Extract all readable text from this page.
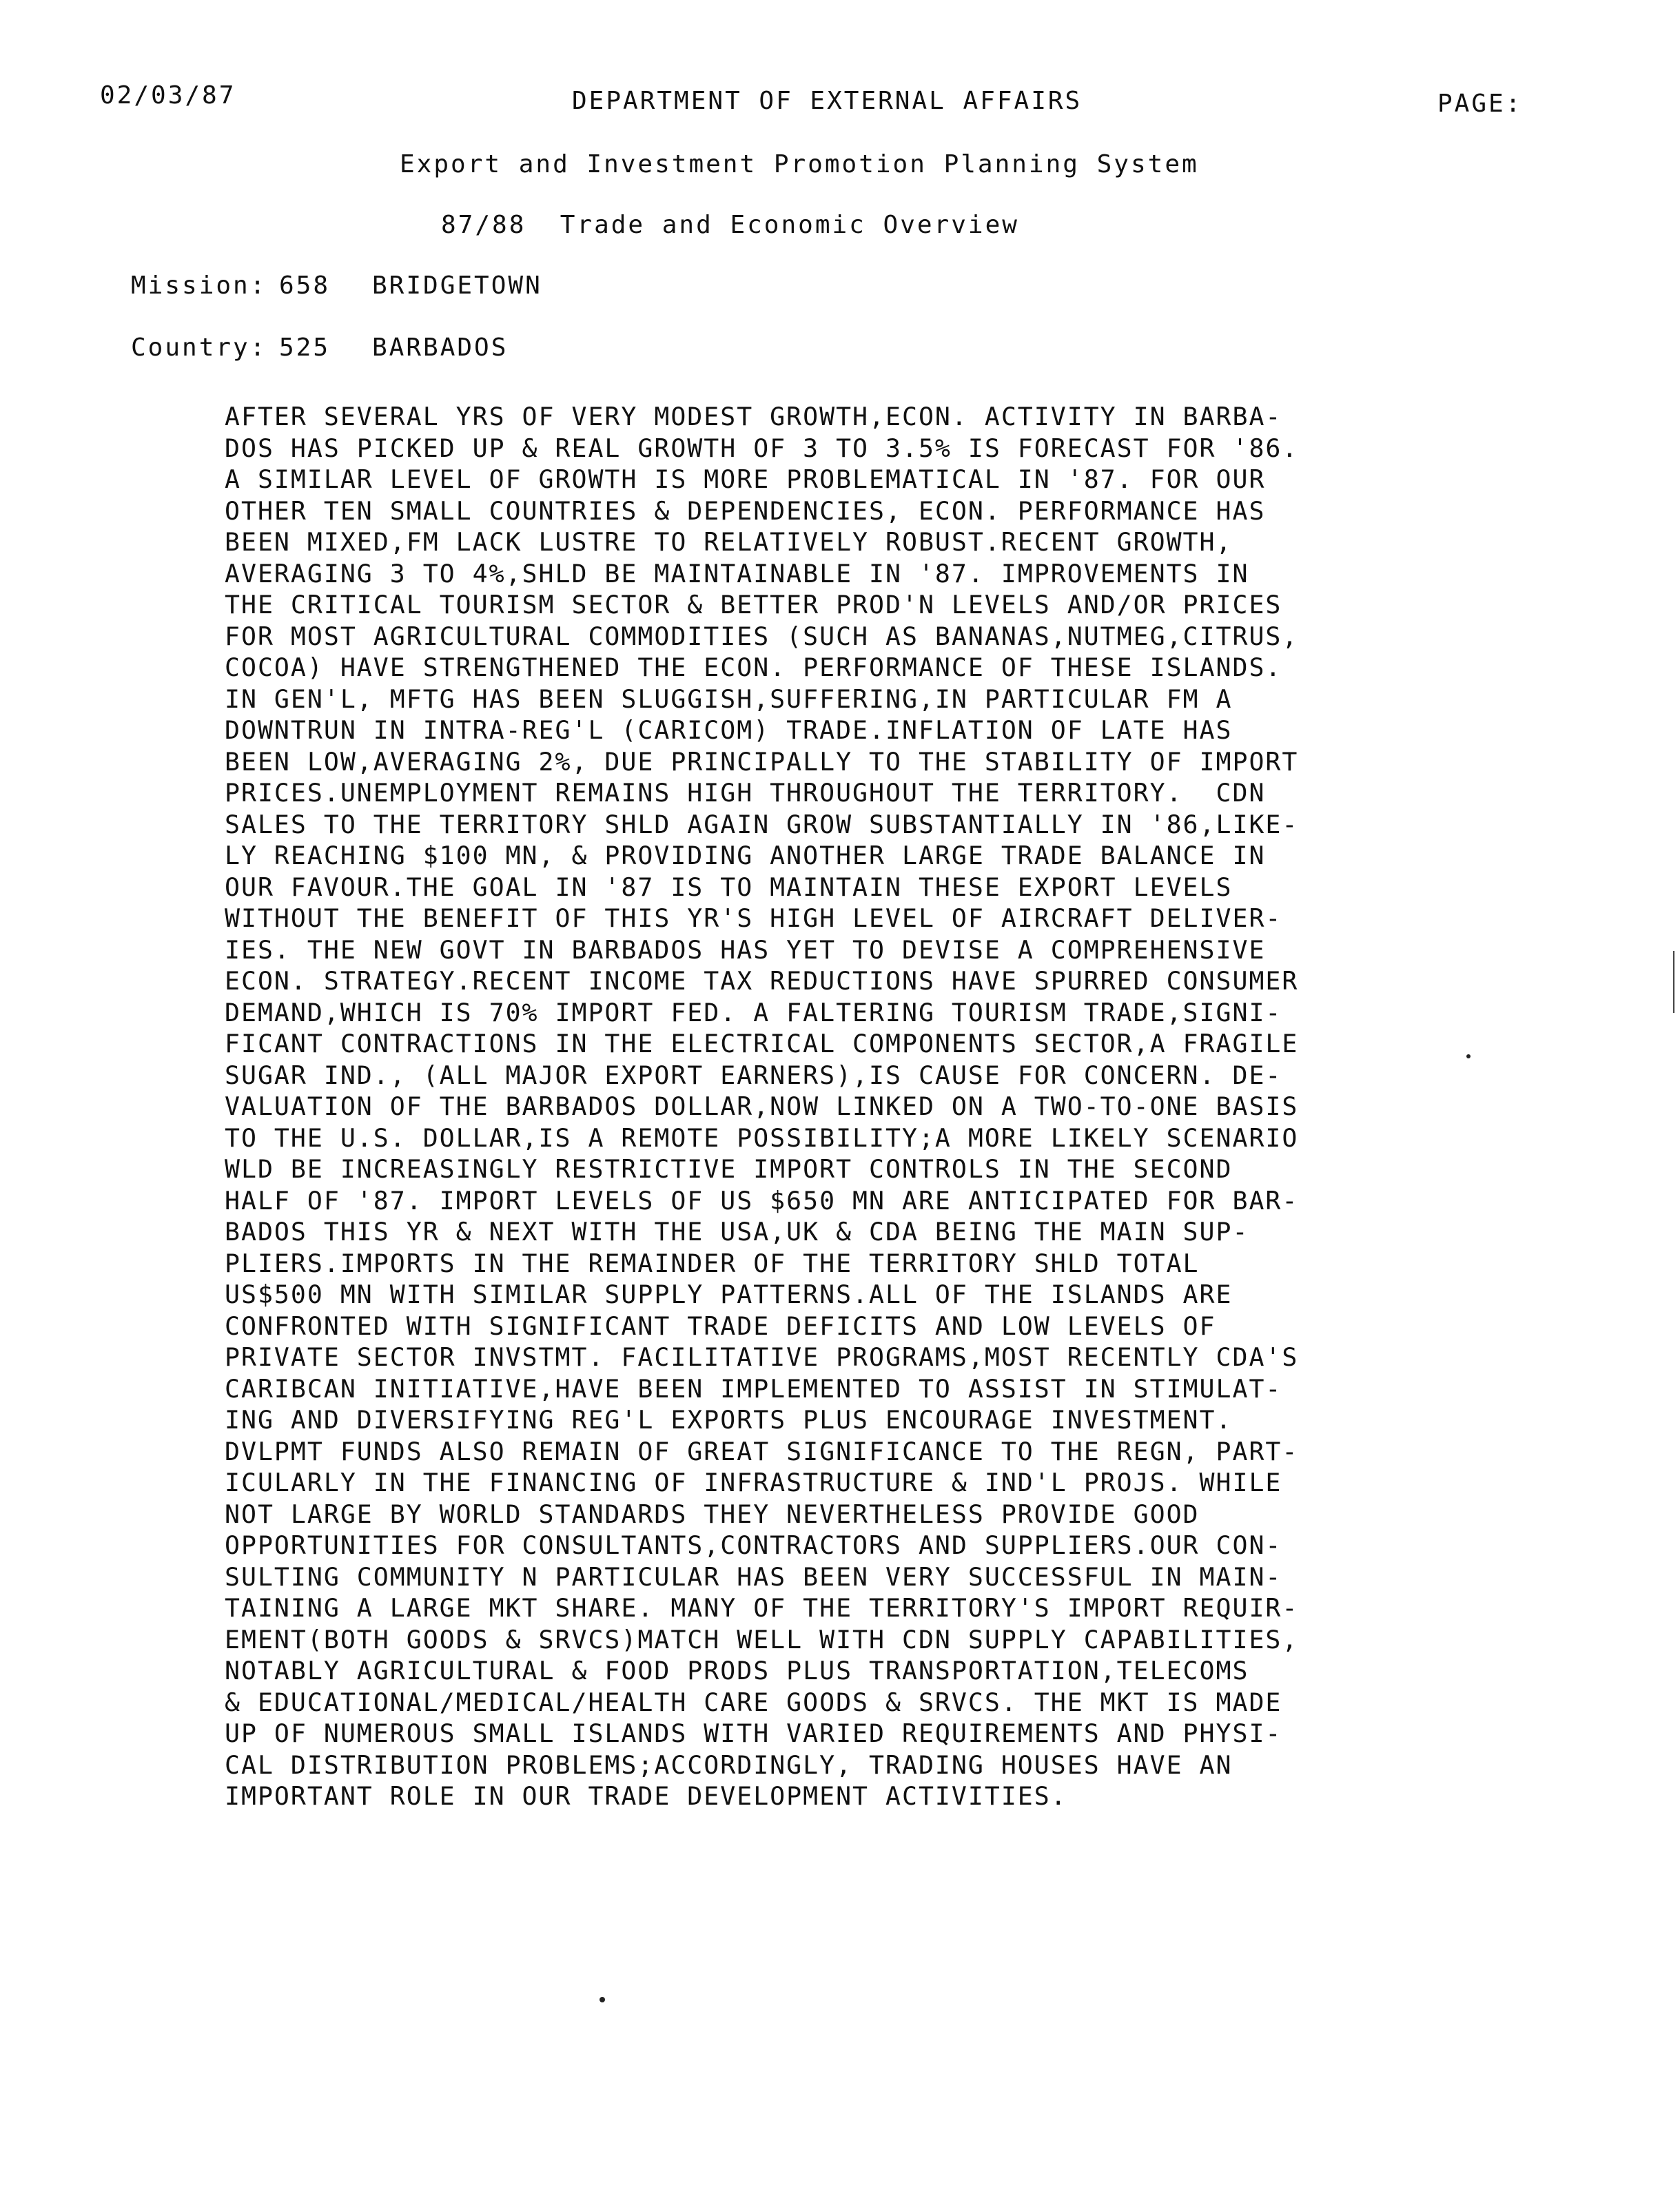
02/03/87	DEPARTMENT OF EXTERNAL AFFAIRS	PAGE:
Export and Investment Promotion Planning System
87/88  Trade and Economic Overview
Mission: 658 BRIDGETOWN
Country: 525 BARBADOS
AFTER SEVERAL YRS OF VERY MODEST GROWTH,ECON. ACTIVITY IN BARBA-
DOS HAS PICKED UP & REAL GROWTH OF 3 TO 3.5% IS FORECAST FOR '86.
A SIMILAR LEVEL OF GROWTH IS MORE PROBLEMATICAL IN '87. FOR OUR
OTHER TEN SMALL COUNTRIES & DEPENDENCIES, ECON. PERFORMANCE HAS
BEEN MIXED,FM LACK LUSTRE TO RELATIVELY ROBUST.RECENT GROWTH,
AVERAGING 3 TO 4%,SHLD BE MAINTAINABLE IN '87. IMPROVEMENTS IN
THE CRITICAL TOURISM SECTOR & BETTER PROD'N LEVELS AND/OR PRICES
FOR MOST AGRICULTURAL COMMODITIES (SUCH AS BANANAS,NUTMEG,CITRUS,
COCOA) HAVE STRENGTHENED THE ECON. PERFORMANCE OF THESE ISLANDS.
IN GEN'L, MFTG HAS BEEN SLUGGISH,SUFFERING,IN PARTICULAR FM A
DOWNTRUN IN INTRA-REG'L (CARICOM) TRADE.INFLATION OF LATE HAS
BEEN LOW,AVERAGING 2%, DUE PRINCIPALLY TO THE STABILITY OF IMPORT
PRICES.UNEMPLOYMENT REMAINS HIGH THROUGHOUT THE TERRITORY.  CDN
SALES TO THE TERRITORY SHLD AGAIN GROW SUBSTANTIALLY IN '86,LIKE-
LY REACHING $100 MN, & PROVIDING ANOTHER LARGE TRADE BALANCE IN
OUR FAVOUR.THE GOAL IN '87 IS TO MAINTAIN THESE EXPORT LEVELS
WITHOUT THE BENEFIT OF THIS YR'S HIGH LEVEL OF AIRCRAFT DELIVER-
IES. THE NEW GOVT IN BARBADOS HAS YET TO DEVISE A COMPREHENSIVE
ECON. STRATEGY.RECENT INCOME TAX REDUCTIONS HAVE SPURRED CONSUMER
DEMAND,WHICH IS 70% IMPORT FED. A FALTERING TOURISM TRADE,SIGNI-
FICANT CONTRACTIONS IN THE ELECTRICAL COMPONENTS SECTOR,A FRAGILE
SUGAR IND., (ALL MAJOR EXPORT EARNERS),IS CAUSE FOR CONCERN. DE-
VALUATION OF THE BARBADOS DOLLAR,NOW LINKED ON A TWO-TO-ONE BASIS
TO THE U.S. DOLLAR,IS A REMOTE POSSIBILITY;A MORE LIKELY SCENARIO
WLD BE INCREASINGLY RESTRICTIVE IMPORT CONTROLS IN THE SECOND
HALF OF '87. IMPORT LEVELS OF US $650 MN ARE ANTICIPATED FOR BAR-
BADOS THIS YR & NEXT WITH THE USA,UK & CDA BEING THE MAIN SUP-
PLIERS.IMPORTS IN THE REMAINDER OF THE TERRITORY SHLD TOTAL
US$500 MN WITH SIMILAR SUPPLY PATTERNS.ALL OF THE ISLANDS ARE
CONFRONTED WITH SIGNIFICANT TRADE DEFICITS AND LOW LEVELS OF
PRIVATE SECTOR INVSTMT. FACILITATIVE PROGRAMS,MOST RECENTLY CDA'S
CARIBCAN INITIATIVE,HAVE BEEN IMPLEMENTED TO ASSIST IN STIMULAT-
ING AND DIVERSIFYING REG'L EXPORTS PLUS ENCOURAGE INVESTMENT.
DVLPMT FUNDS ALSO REMAIN OF GREAT SIGNIFICANCE TO THE REGN, PART-
ICULARLY IN THE FINANCING OF INFRASTRUCTURE & IND'L PROJS. WHILE
NOT LARGE BY WORLD STANDARDS THEY NEVERTHELESS PROVIDE GOOD
OPPORTUNITIES FOR CONSULTANTS,CONTRACTORS AND SUPPLIERS.OUR CON-
SULTING COMMUNITY N PARTICULAR HAS BEEN VERY SUCCESSFUL IN MAIN-
TAINING A LARGE MKT SHARE. MANY OF THE TERRITORY'S IMPORT REQUIR-
EMENT(BOTH GOODS & SRVCS)MATCH WELL WITH CDN SUPPLY CAPABILITIES,
NOTABLY AGRICULTURAL & FOOD PRODS PLUS TRANSPORTATION,TELECOMS
& EDUCATIONAL/MEDICAL/HEALTH CARE GOODS & SRVCS. THE MKT IS MADE
UP OF NUMEROUS SMALL ISLANDS WITH VARIED REQUIREMENTS AND PHYSI-
CAL DISTRIBUTION PROBLEMS;ACCORDINGLY, TRADING HOUSES HAVE AN
IMPORTANT ROLE IN OUR TRADE DEVELOPMENT ACTIVITIES.
